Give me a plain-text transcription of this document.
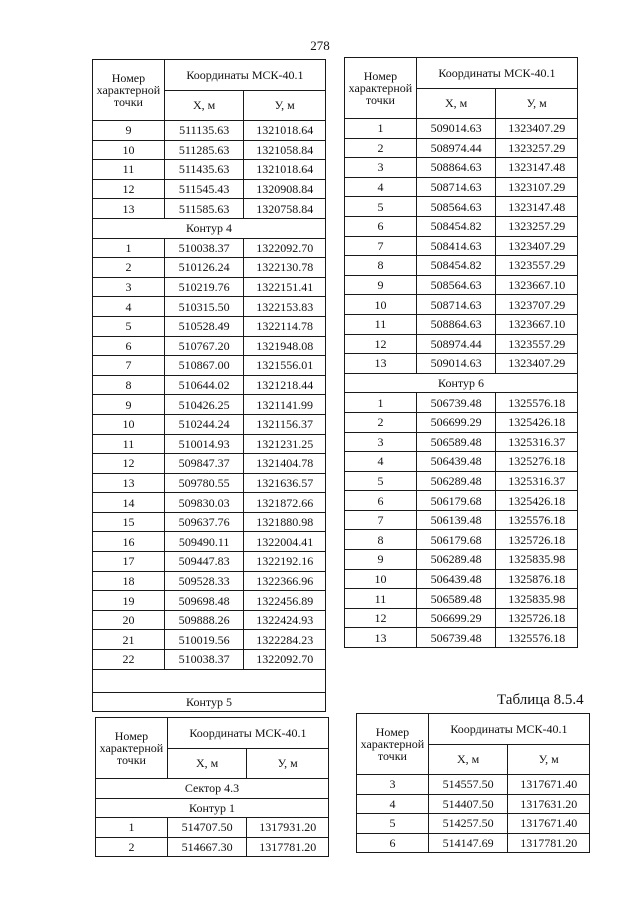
278
Таблица 8.5.4
Номер характерной точки	Координаты МСК-40.1	
	X, м	У, м
9	511135.63	1321018.64
10	511285.63	1321058.84
11	511435.63	1321018.64
12	511545.43	1320908.84
13	511585.63	1320758.84
Контур 4		
1	510038.37	1322092.70
2	510126.24	1322130.78
3	510219.76	1322151.41
4	510315.50	1322153.83
5	510528.49	1322114.78
6	510767.20	1321948.08
7	510867.00	1321556.01
8	510644.02	1321218.44
9	510426.25	1321141.99
10	510244.24	1321156.37
11	510014.93	1321231.25
12	509847.37	1321404.78
13	509780.55	1321636.57
14	509830.03	1321872.66
15	509637.76	1321880.98
16	509490.11	1322004.41
17	509447.83	1322192.16
18	509528.33	1322366.96
19	509698.48	1322456.89
20	509888.26	1322424.93
21	510019.56	1322284.23
22	510038.37	1322092.70

Контур 5		
Номер характерной точки	Координаты МСК-40.1	
	X, м	У, м
1	509014.63	1323407.29
2	508974.44	1323257.29
3	508864.63	1323147.48
4	508714.63	1323107.29
5	508564.63	1323147.48
6	508454.82	1323257.29
7	508414.63	1323407.29
8	508454.82	1323557.29
9	508564.63	1323667.10
10	508714.63	1323707.29
11	508864.63	1323667.10
12	508974.44	1323557.29
13	509014.63	1323407.29
Контур 6		
1	506739.48	1325576.18
2	506699.29	1325426.18
3	506589.48	1325316.37
4	506439.48	1325276.18
5	506289.48	1325316.37
6	506179.68	1325426.18
7	506139.48	1325576.18
8	506179.68	1325726.18
9	506289.48	1325835.98
10	506439.48	1325876.18
11	506589.48	1325835.98
12	506699.29	1325726.18
13	506739.48	1325576.18
Номер характерной точки	Координаты МСК-40.1	
	X, м	У, м
Сектор 4.3		
Контур 1		
1	514707.50	1317931.20
2	514667.30	1317781.20
Номер характерной точки	Координаты МСК-40.1	
	X, м	У, м
3	514557.50	1317671.40
4	514407.50	1317631.20
5	514257.50	1317671.40
6	514147.69	1317781.20
